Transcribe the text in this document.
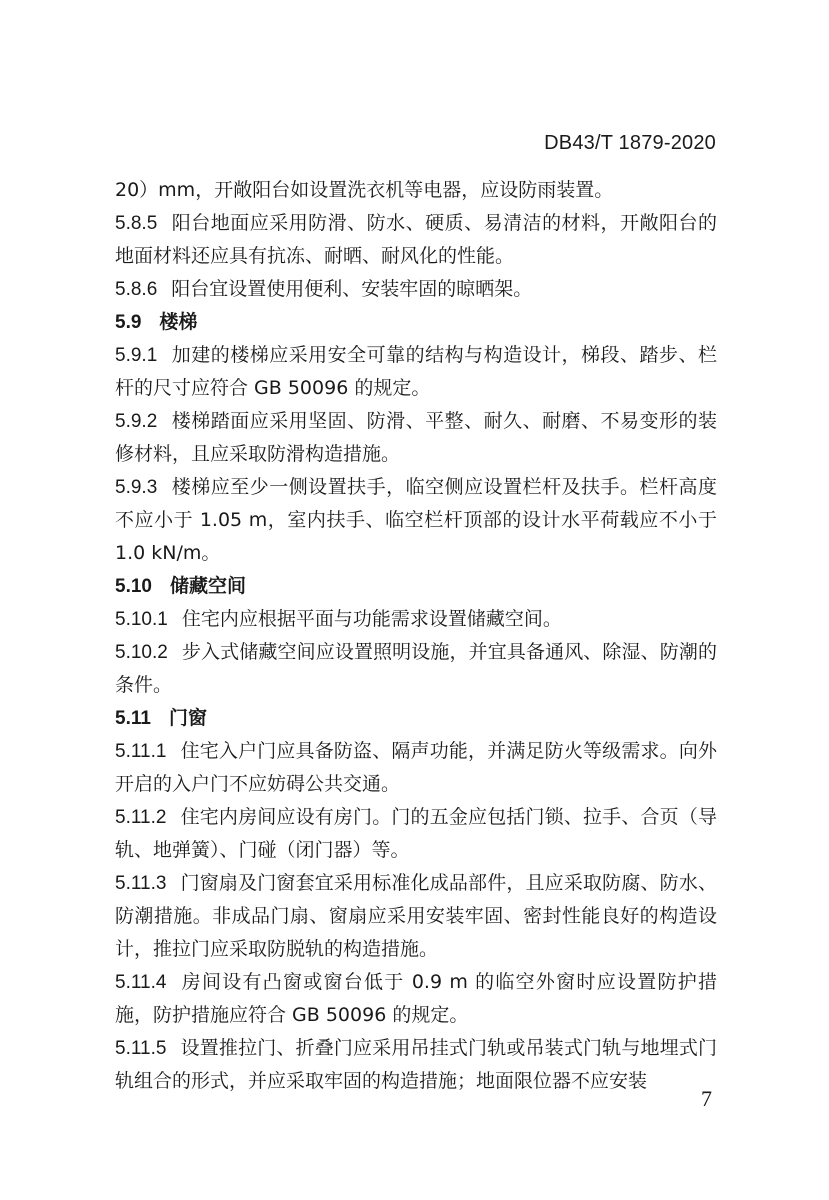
DB43/T 1879-2020

20）mm，开敞阳台如设置洗衣机等电器，应设防雨装置。

5.8.5 阳台地面应采用防滑、防水、硬质、易清洁的材料，开敞阳台的地面材料还应具有抗冻、耐晒、耐风化的性能。

5.8.6 阳台宜设置使用便利、安装牢固的晾晒架。

5.9 楼梯

5.9.1 加建的楼梯应采用安全可靠的结构与构造设计，梯段、踏步、栏杆的尺寸应符合 GB 50096 的规定。

5.9.2 楼梯踏面应采用坚固、防滑、平整、耐久、耐磨、不易变形的装修材料，且应采取防滑构造措施。

5.9.3 楼梯应至少一侧设置扶手，临空侧应设置栏杆及扶手。栏杆高度不应小于 1.05 m，室内扶手、临空栏杆顶部的设计水平荷载应不小于 1.0 kN/m。

5.10 储藏空间

5.10.1 住宅内应根据平面与功能需求设置储藏空间。

5.10.2 步入式储藏空间应设置照明设施，并宜具备通风、除湿、防潮的条件。

5.11 门窗

5.11.1 住宅入户门应具备防盗、隔声功能，并满足防火等级需求。向外开启的入户门不应妨碍公共交通。

5.11.2 住宅内房间应设有房门。门的五金应包括门锁、拉手、合页（导轨、地弹簧）、门碰（闭门器）等。

5.11.3 门窗扇及门窗套宜采用标准化成品部件，且应采取防腐、防水、防潮措施。非成品门扇、窗扇应采用安装牢固、密封性能良好的构造设计，推拉门应采取防脱轨的构造措施。

5.11.4 房间设有凸窗或窗台低于 0.9 m 的临空外窗时应设置防护措施，防护措施应符合 GB 50096 的规定。

5.11.5 设置推拉门、折叠门应采用吊挂式门轨或吊装式门轨与地埋式门轨组合的形式，并应采取牢固的构造措施；地面限位器不应安装

7
